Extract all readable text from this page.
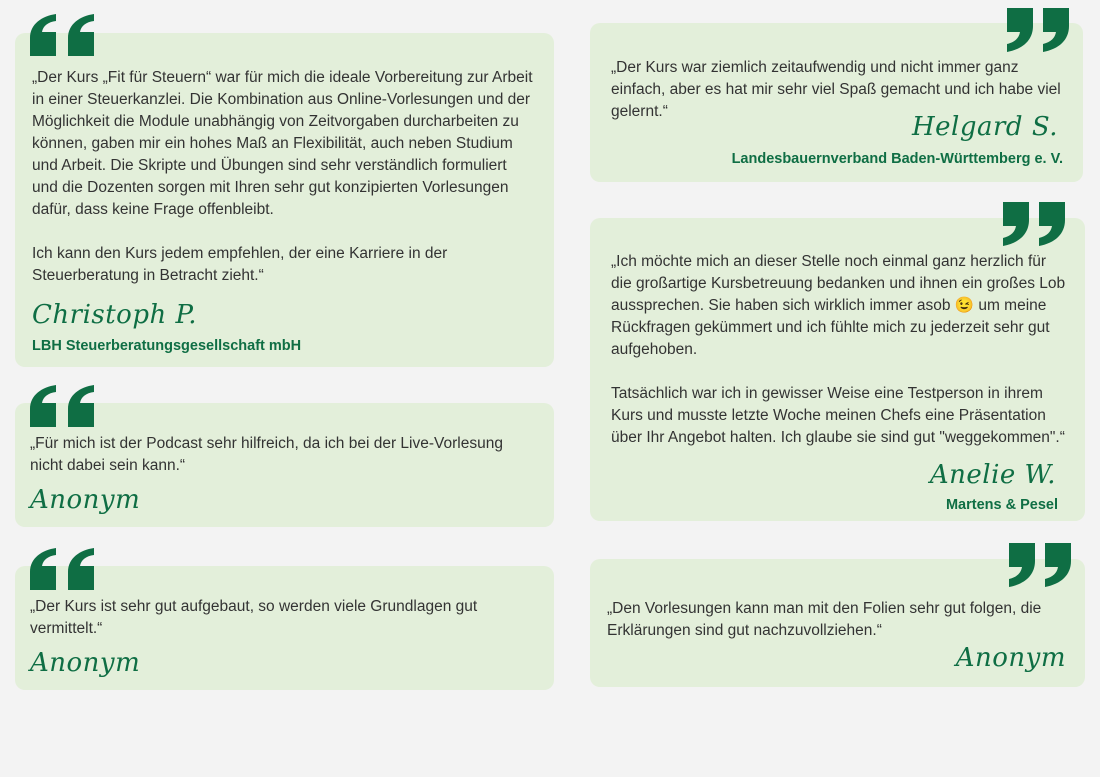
„Der Kurs „Fit für Steuern“ war für mich die ideale Vorbereitung zur Arbeit
in einer Steuerkanzlei. Die Kombination aus Online-Vorlesungen und der
Möglichkeit die Module unabhängig von Zeitvorgaben durcharbeiten zu
können, gaben mir ein hohes Maß an Flexibilität, auch neben Studium
und Arbeit. Die Skripte und Übungen sind sehr verständlich formuliert
und die Dozenten sorgen mit Ihren sehr gut konzipierten Vorlesungen
dafür, dass keine Frage offenbleibt.

Ich kann den Kurs jedem empfehlen, der eine Karriere in der
Steuerberatung in Betracht zieht.“

Christoph P.
LBH Steuerberatungsgesellschaft mbH

„Für mich ist der Podcast sehr hilfreich, da ich bei der Live-Vorlesung
nicht dabei sein kann.“

Anonym

„Der Kurs ist sehr gut aufgebaut, so werden viele Grundlagen gut
vermittelt.“

Anonym

„Der Kurs war ziemlich zeitaufwendig und nicht immer ganz
einfach, aber es hat mir sehr viel Spaß gemacht und ich habe viel
gelernt.“

Helgard S.
Landesbauernverband Baden-Württemberg e. V.

„Ich möchte mich an dieser Stelle noch einmal ganz herzlich für
die großartige Kursbetreuung bedanken und ihnen ein großes Lob
aussprechen. Sie haben sich wirklich immer asob 😉 um meine
Rückfragen gekümmert und ich fühlte mich zu jederzeit sehr gut
aufgehoben.

Tatsächlich war ich in gewisser Weise eine Testperson in ihrem
Kurs und musste letzte Woche meinen Chefs eine Präsentation
über Ihr Angebot halten. Ich glaube sie sind gut "weggekommen".“

Anelie W.
Martens & Pesel

„Den Vorlesungen kann man mit den Folien sehr gut folgen, die
Erklärungen sind gut nachzuvollziehen.“

Anonym
